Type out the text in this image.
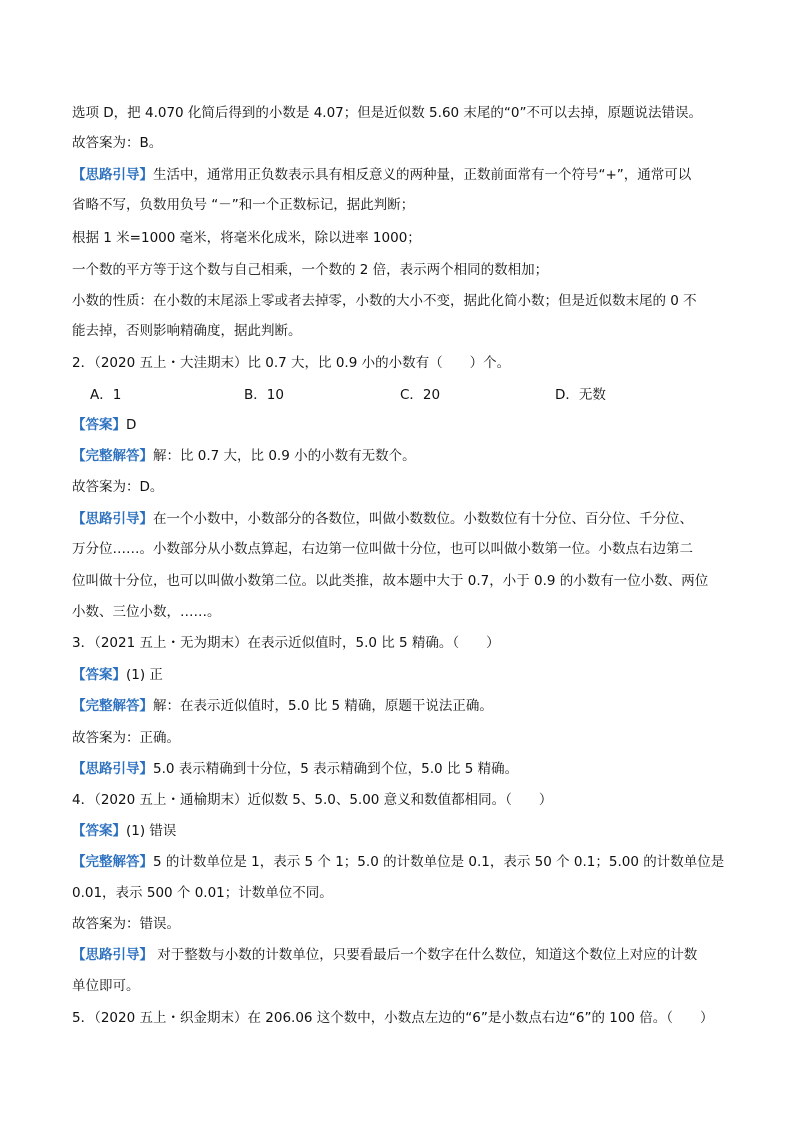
选项 D，把 4.070 化简后得到的小数是 4.07；但是近似数 5.60 末尾的“0”不可以去掉，原题说法错误。
故答案为：B。
【思路引导】生活中，通常用正负数表示具有相反意义的两种量，正数前面常有一个符号“+”，通常可以
省略不写，负数用负号 “－”和一个正数标记，据此判断；
根据 1 米=1000 毫米，将毫米化成米，除以进率 1000；
一个数的平方等于这个数与自己相乘，一个数的 2 倍，表示两个相同的数相加；
小数的性质：在小数的末尾添上零或者去掉零，小数的大小不变，据此化简小数；但是近似数末尾的 0 不
能去掉，否则影响精确度，据此判断。
2．（2020 五上・大洼期末）比 0.7 大，比 0.9 小的小数有（　　）个。
A．1	B．10	C．20	D．无数
【答案】D
【完整解答】解：比 0.7 大，比 0.9 小的小数有无数个。
故答案为：D。
【思路引导】在一个小数中，小数部分的各数位，叫做小数数位。小数数位有十分位、百分位、千分位、
万分位……。小数部分从小数点算起，右边第一位叫做十分位，也可以叫做小数第一位。小数点右边第二
位叫做十分位，也可以叫做小数第二位。以此类推，故本题中大于 0.7，小于 0.9 的小数有一位小数、两位
小数、三位小数，……。
3．（2021 五上・无为期末）在表示近似值时，5.0 比 5 精确。（　　）
【答案】(1) 正
【完整解答】解：在表示近似值时，5.0 比 5 精确，原题干说法正确。
故答案为：正确。
【思路引导】5.0 表示精确到十分位，5 表示精确到个位，5.0 比 5 精确。
4．（2020 五上・通榆期末）近似数 5、5.0、5.00 意义和数值都相同。（　　）
【答案】(1) 错误
【完整解答】5 的计数单位是 1，表示 5 个 1；5.0 的计数单位是 0.1，表示 50 个 0.1；5.00 的计数单位是
0.01，表示 500 个 0.01；计数单位不同。
故答案为：错误。
【思路引导】 对于整数与小数的计数单位，只要看最后一个数字在什么数位，知道这个数位上对应的计数
单位即可。
5．（2020 五上・织金期末）在 206.06 这个数中，小数点左边的“6”是小数点右边“6”的 100 倍。（　　）
